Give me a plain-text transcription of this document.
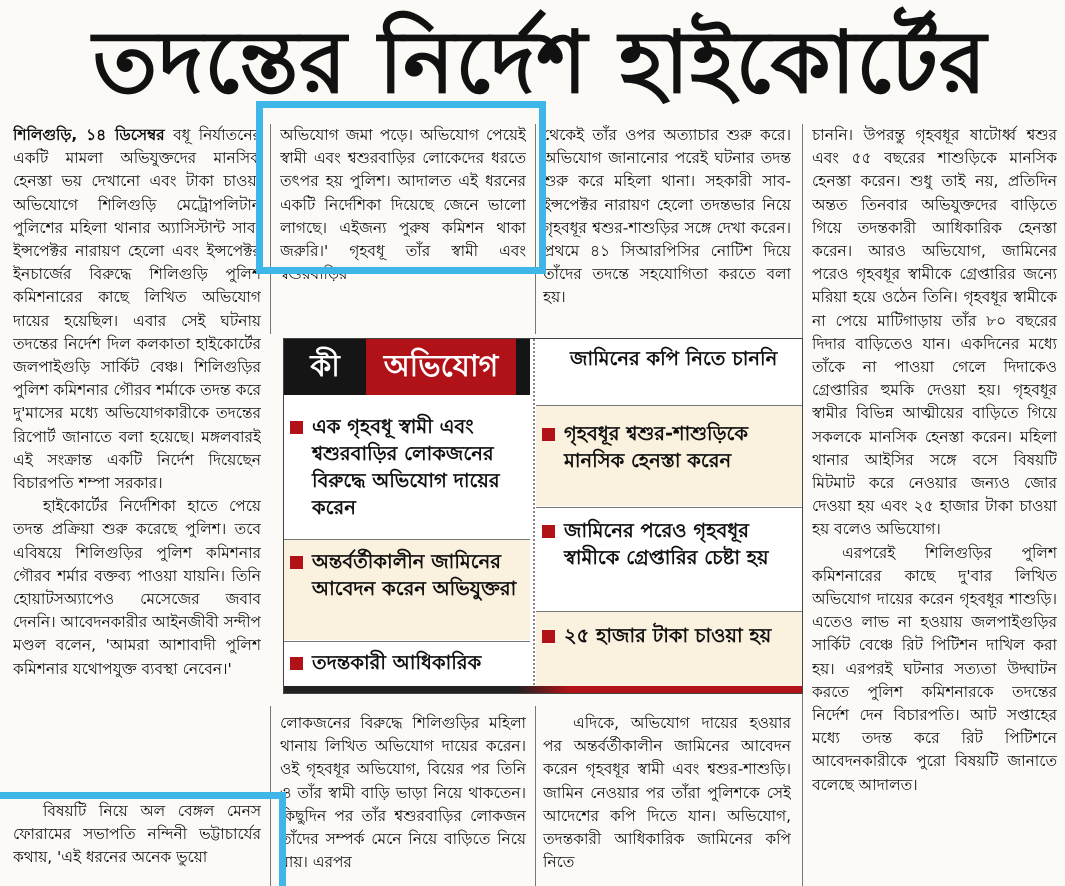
তদন্তের নির্দেশ হাইকোর্টের

শিলিগুড়ি, ১৪ ডিসেম্বর বধূ নির্যাতনের একটি মামলা অভিযুক্তদের মানসিক হেনস্তা ভয় দেখানো এবং টাকা চাওয়া অভিযোগে শিলিগুড়ি মেট্রোপলিটান পুলিশের মহিলা থানার অ্যাসিস্টান্ট সাব-ইন্সপেক্টর নারায়ণ হেলো এবং ইন্সপেক্টর ইনচার্জের বিরুদ্ধে শিলিগুড়ি পুলিশ কমিশনারের কাছে লিখিত অভিযোগ দায়ের হয়েছিল। এবার সেই ঘটনায় তদন্তের নির্দেশ দিল কলকাতা হাইকোর্টের জলপাইগুড়ি সার্কিট বেঞ্চ। শিলিগুড়ির পুলিশ কমিশনার গৌরব শর্মাকে তদন্ত করে দু'মাসের মধ্যে অভিযোগকারীকে তদন্তের রিপোর্ট জানাতে বলা হয়েছে। মঙ্গলবারই এই সংক্রান্ত একটি নির্দেশ দিয়েছেন বিচারপতি শম্পা সরকার।

হাইকোর্টের নির্দেশিকা হাতে পেয়ে তদন্ত প্রক্রিয়া শুরু করেছে পুলিশ। তবে এবিষয়ে শিলিগুড়ির পুলিশ কমিশনার গৌরব শর্মার বক্তব্য পাওয়া যায়নি। তিনি হোয়াটসঅ্যাপেও মেসেজের জবাব দেননি। আবেদনকারীর আইনজীবী সন্দীপ মণ্ডল বলেন, 'আমরা আশাবাদী পুলিশ কমিশনার যথোপযুক্ত ব্যবস্থা নেবেন।'

বিষয়টি নিয়ে অল বেঙ্গল মেনস ফোরামের সভাপতি নন্দিনী ভট্টাচার্যের কথায়, 'এই ধরনের অনেক ভুয়ো

অভিযোগ জমা পড়ে। অভিযোগ পেয়েই স্বামী এবং শ্বশুরবাড়ির লোকেদের ধরতে তৎপর হয় পুলিশ। আদালত এই ধরনের একটি নির্দেশিকা দিয়েছে জেনে ভালো লাগছে। এইজন্য পুরুষ কমিশন থাকা জরুরি।' গৃহবধূ তাঁর স্বামী এবং শ্বশুরবাড়ির

লোকজনের বিরুদ্ধে শিলিগুড়ির মহিলা থানায় লিখিত অভিযোগ দায়ের করেন। ওই গৃহবধূর অভিযোগ, বিয়ের পর তিনি ও তাঁর স্বামী বাড়ি ভাড়া নিয়ে থাকতেন। কিছুদিন পর তাঁর শ্বশুরবাড়ির লোকজন তাঁদের সম্পর্ক মেনে নিয়ে বাড়িতে নিয়ে যায়। এরপর

থেকেই তাঁর ওপর অত্যাচার শুরু করে। অভিযোগ জানানোর পরেই ঘটনার তদন্ত শুরু করে মহিলা থানা। সহকারী সাব-ইন্সপেক্টর নারায়ণ হেলো তদন্তভার নিয়ে গৃহবধূর শ্বশুর-শাশুড়ির সঙ্গে দেখা করেন। প্রথমে ৪১ সিআরপিসির নোটিশ দিয়ে তাঁদের তদন্তে সহযোগিতা করতে বলা হয়।

এদিকে, অভিযোগ দায়ের হওয়ার পর অন্তর্বর্তীকালীন জামিনের আবেদন করেন গৃহবধূর স্বামী এবং শ্বশুর-শাশুড়ি। জামিন নেওয়ার পর তাঁরা পুলিশকে সেই আদেশের কপি দিতে যান। অভিযোগ, তদন্তকারী আধিকারিক জামিনের কপি নিতে

চাননি। উপরন্তু গৃহবধূর ষাটোর্ধ্ব শ্বশুর এবং ৫৫ বছরের শাশুড়িকে মানসিক হেনস্তা করেন। শুধু তাই নয়, প্রতিদিন অন্তত তিনবার অভিযুক্তদের বাড়িতে গিয়ে তদন্তকারী আধিকারিক হেনস্তা করেন। আরও অভিযোগ, জামিনের পরেও গৃহবধূর স্বামীকে গ্রেপ্তারির জন্যে মরিয়া হয়ে ওঠেন তিনি। গৃহবধূর স্বামীকে না পেয়ে মাটিগাড়ায় তাঁর ৮০ বছরের দিদার বাড়িতেও যান। একদিনের মধ্যে তাঁকে না পাওয়া গেলে দিদাকেও গ্রেপ্তারির হুমকি দেওয়া হয়। গৃহবধূর স্বামীর বিভিন্ন আত্মীয়ের বাড়িতে গিয়ে সকলকে মানসিক হেনস্তা করেন। মহিলা থানার আইসির সঙ্গে বসে বিষয়টি মিটমাট করে নেওয়ার জন্যও জোর দেওয়া হয় এবং ২৫ হাজার টাকা চাওয়া হয় বলেও অভিযোগ।

এরপরেই শিলিগুড়ির পুলিশ কমিশনারের কাছে দু'বার লিখিত অভিযোগ দায়ের করেন গৃহবধূর শাশুড়ি। এতেও লাভ না হওয়ায় জলপাইগুড়ির সার্কিট বেঞ্চে রিট পিটিশন দাখিল করা হয়। এরপরই ঘটনার সত্যতা উদ্ঘাটন করতে পুলিশ কমিশনারকে তদন্তের নির্দেশ দেন বিচারপতি। আট সপ্তাহের মধ্যে তদন্ত করে রিট পিটিশনে আবেদনকারীকে পুরো বিষয়টি জানাতে বলেছে আদালত।

কী	অভিযোগ
এক গৃহবধূ স্বামী এবং শ্বশুরবাড়ির লোকজনের বিরুদ্ধে অভিযোগ দায়ের করেন
অন্তর্বর্তীকালীন জামিনের আবেদন করেন অভিযুক্তরা
তদন্তকারী আধিকারিক
জামিনের কপি নিতে চাননি
গৃহবধূর শ্বশুর-শাশুড়িকে মানসিক হেনস্তা করেন
জামিনের পরেও গৃহবধূর স্বামীকে গ্রেপ্তারির চেষ্টা হয়
২৫ হাজার টাকা চাওয়া হয়
